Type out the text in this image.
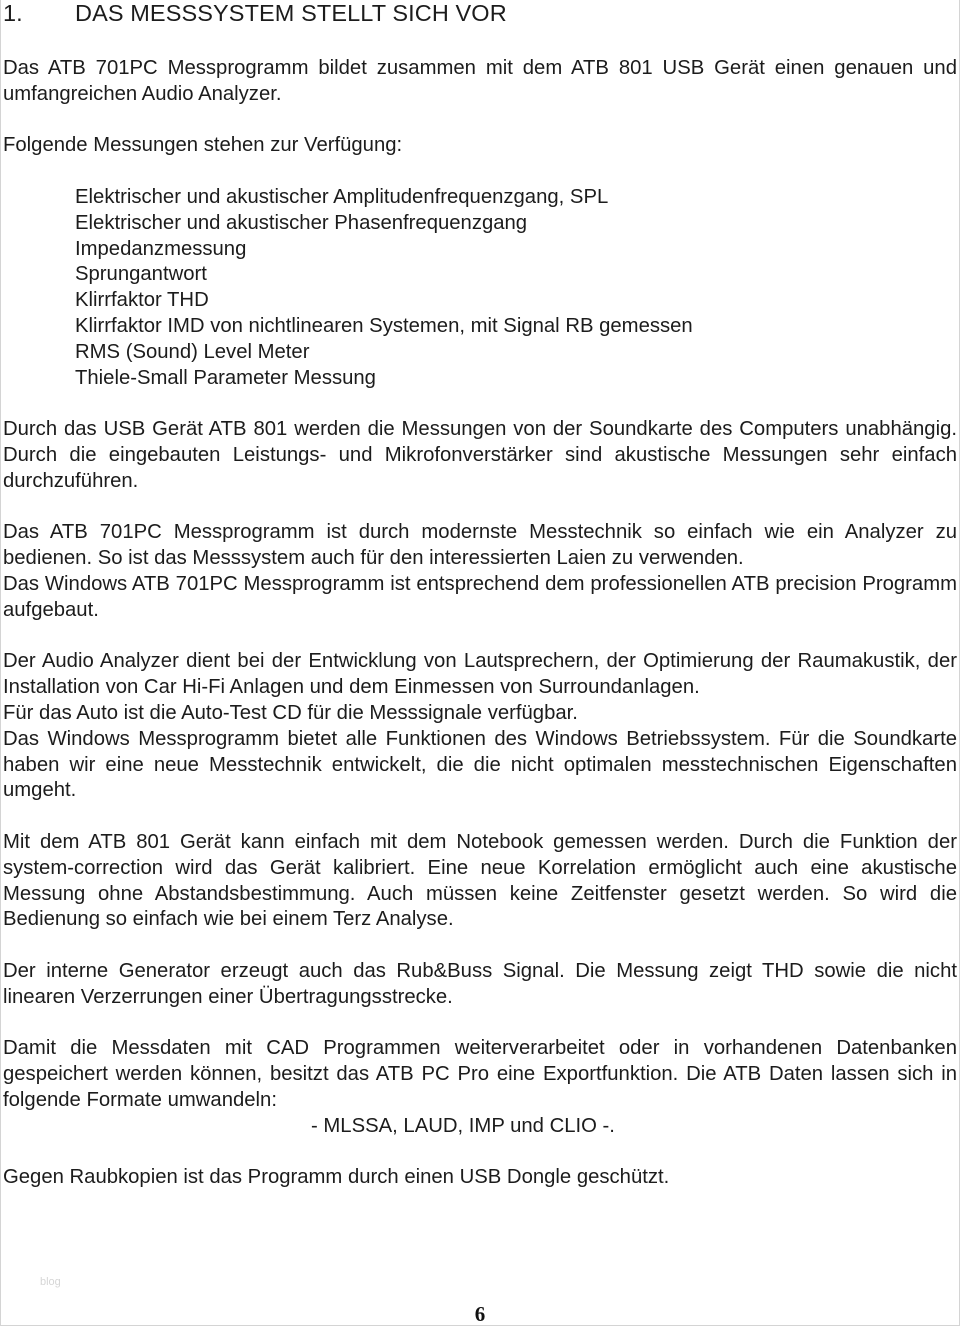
1. DAS MESSSYSTEM STELLT SICH VOR

Das ATB 701PC Messprogramm bildet zusammen mit dem ATB 801 USB Gerät einen genauen und umfangreichen Audio Analyzer.

Folgende Messungen stehen zur Verfügung:

Elektrischer und akustischer Amplitudenfrequenzgang, SPL
Elektrischer und akustischer Phasenfrequenzgang
Impedanzmessung
Sprungantwort
Klirrfaktor THD
Klirrfaktor IMD von nichtlinearen Systemen, mit Signal RB gemessen
RMS (Sound) Level Meter
Thiele-Small Parameter Messung

Durch das USB Gerät ATB 801 werden die Messungen von der Soundkarte des Computers unabhängig. Durch die eingebauten Leistungs- und Mikrofonverstärker sind akustische Messungen sehr einfach durchzuführen.

Das ATB 701PC Messprogramm ist durch modernste Messtechnik so einfach wie ein Analyzer zu bedienen. So ist das Messsystem auch für den interessierten Laien zu verwenden.

Das Windows ATB 701PC Messprogramm ist entsprechend dem professionellen ATB precision Programm aufgebaut.

Der Audio Analyzer dient bei der Entwicklung von Lautsprechern, der Optimierung der Raumakustik, der Installation von Car Hi-Fi Anlagen und dem Einmessen von Surroundanlagen.

Für das Auto ist die Auto-Test CD für die Messsignale verfügbar.

Das Windows Messprogramm bietet alle Funktionen des Windows Betriebssystem. Für die Soundkarte haben wir eine neue Messtechnik entwickelt, die die nicht optimalen messtechnischen Eigenschaften umgeht.

Mit dem ATB 801 Gerät kann einfach mit dem Notebook gemessen werden. Durch die Funktion der system-correction wird das Gerät kalibriert. Eine neue Korrelation ermöglicht auch eine akustische Messung ohne Abstandsbestimmung. Auch müssen keine Zeitfenster gesetzt werden. So wird die Bedienung so einfach wie bei einem Terz Analyse.

Der interne Generator erzeugt auch das Rub&Buss Signal. Die Messung zeigt THD sowie die nicht linearen Verzerrungen einer Übertragungsstrecke.

Damit die Messdaten mit CAD Programmen weiterverarbeitet oder in vorhandenen Datenbanken gespeichert werden können, besitzt das ATB PC Pro eine Exportfunktion. Die ATB Daten lassen sich in folgende Formate umwandeln:

- MLSSA, LAUD, IMP und CLIO -.

Gegen Raubkopien ist das Programm durch einen USB Dongle geschützt.

blog
6
